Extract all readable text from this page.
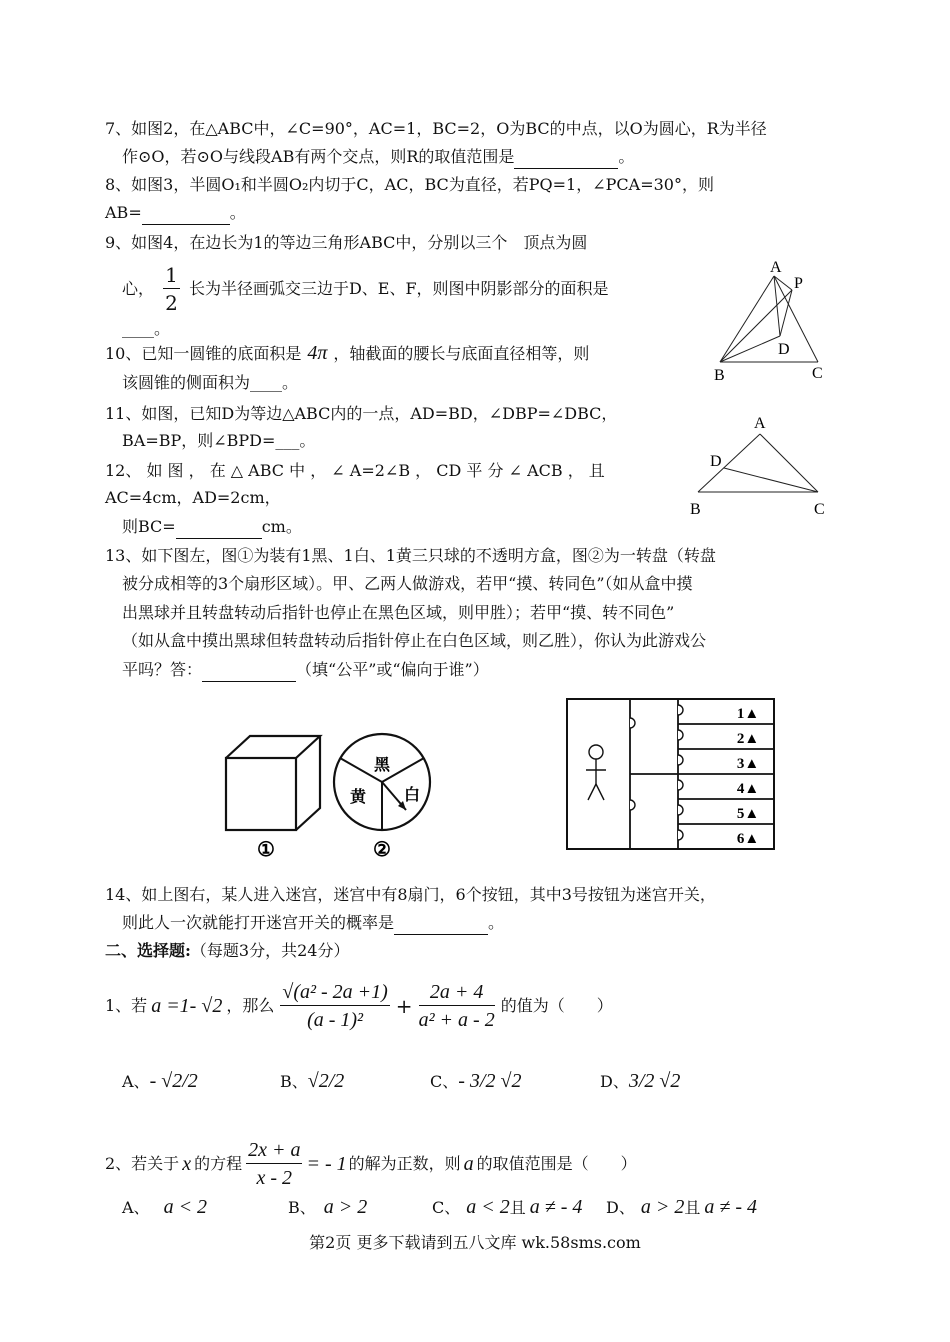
7、如图2，在△ABC中，∠C=90°，AC=1，BC=2，O为BC的中点，以O为圆心，R为半径
作⊙O，若⊙O与线段AB有两个交点，则R的取值范围是	。
8、如图3，半圆O₁和半圆O₂内切于C，AC，BC为直径，若PQ=1，∠PCA=30°，则
AB=	。
9、如图4，在边长为1的等边三角形ABC中，分别以三个　顶点为圆
心， $\frac{1}{2}$ 长为半径画弧交三边于D、E、F，则图中阴影部分的面积是
____。
10、已知一圆锥的底面积是 4π ，轴截面的腰长与底面直径相等，则
该圆锥的侧面积为____。
A
P
D
B	C
11、如图，已知D为等边△ABC内的一点，AD=BD，∠DBP=∠DBC，
BA=BP，则∠BPD=___。
A
D
B	C
12、 如 图 ， 在 △ ABC 中 ， ∠ A=2∠B ， CD 平 分 ∠ ACB ， 且
AC=4cm，AD=2cm，
则BC=	cm。
13、如下图左，图①为装有1黑、1白、1黄三只球的不透明方盒，图②为一转盘（转盘
被分成相等的3个扇形区域）。甲、乙两人做游戏，若甲“摸、转同色”（如从盒中摸
出黑球并且转盘转动后指针也停止在黑色区域，则甲胜）；若甲“摸、转不同色”
（如从盒中摸出黑球但转盘转动后指针停止在白色区域，则乙胜），你认为此游戏公
平吗？答：	（填“公平”或“偏向于谁”）
①
黑
黄 白
②
1▲
2▲
3▲
4▲
5▲
6▲
14、如上图右，某人进入迷宫，迷宫中有8扇门，6个按钮，其中3号按钮为迷宫开关，
则此人一次就能打开迷宫开关的概率是	。
二、选择题:（每题3分，共24分）
1、若 a =1- √2 ，那么 $\frac{\text{√(a² - 2a +1)}}{\text{(a - 1)²}} + \frac{2a + 4}{\text{a² + a - 2}}$ 的值为（　　）
A、- √2/2	B、√2/2	C、- 3/2 √2	D、3/2 √2
2、若关于 x 的方程 $\frac{2x + a}{x - 2}$ = - 1 的解为正数，则 a 的取值范围是（　　）
A、 a < 2	B、 a > 2	C、 a < 2且 a ≠ - 4 D、 a > 2且 a ≠ - 4
第2页 更多下载请到五八文库 wk.58sms.com
